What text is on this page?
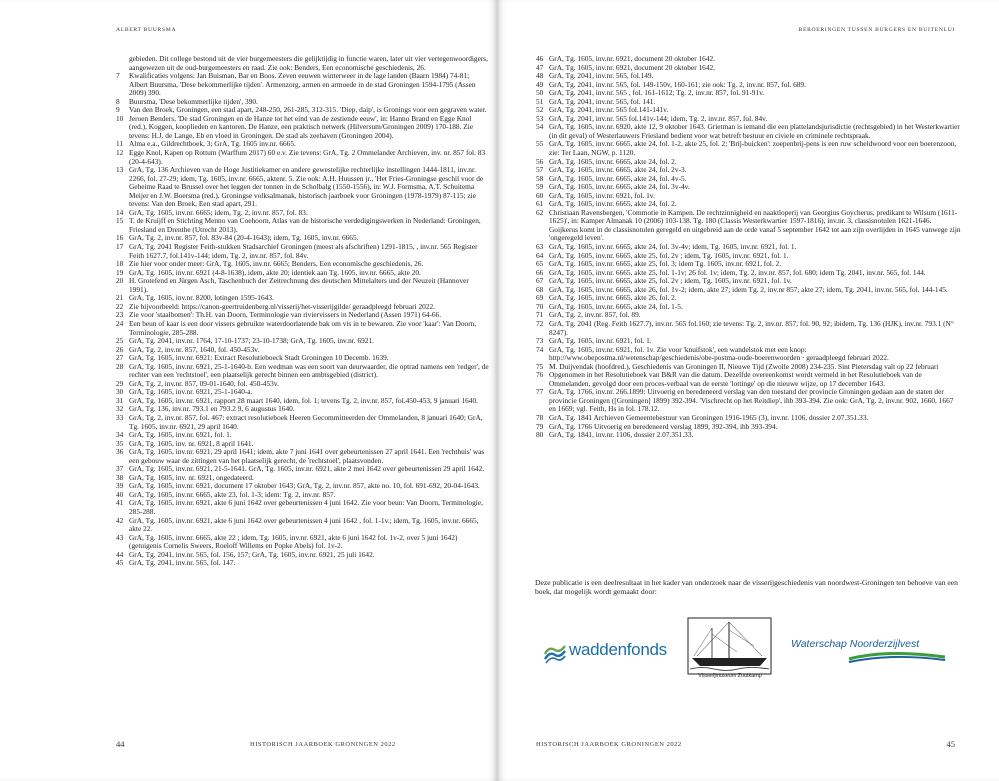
ALBERT BUURSMA

gebieden. Dit college bestond uit de vier burgemeesters die gelijktijdig in functie waren, later uit vier vertegenwoordigers, aangewezen uit de oud-burgemeesters en raad. Zie ook: Benders, Een economische geschiedenis, 26.

7	Kwalificaties volgens: Jan Buisman, Bar en Boos. Zeven eeuwen winterweer in de lage landen (Baarn 1984) 74-81; Albert Buursma, 'Dese bekommerlijke tijden'. Armenzorg, armen en armoede in de stad Groningen 1594-1795 (Assen 2009) 390.

8	Buursma, 'Dese bekommerlijke tijden', 390.

9	Van den Broek, Groningen, een stad apart, 248-250, 261-285, 312-315. 'Diep, daip', is Gronings voor een gegraven water.

10 Jeroen Benders, 'De stad Groningen en de Hanze tot het eind van de zestiende eeuw', in: Hanno Brand en Egge Knol (red.), Koggen, kooplieden en kantoren. De Hanze, een praktisch netwerk (Hilversum/Groningen 2009) 170-188. Zie tevens: H.J. de Lange, Eb en vloed in Groningen. De stad als zeehaven (Groningen 2004).

11 Alma e.a., Gildrechtboek, 3; GrA, Tg. 1605 inv.nr. 6665.

12 Egge Knol, Kapen op Rottum (Warffum 2017) 60 e.v. Zie tevens: GrA, Tg. 2 Ommelander Archieven, inv. nr. 857 fol. 83 (20-4-643).

13 GrA, Tg. 136 Archieven van de Hoge Justitiekamer en andere gewestelijke rechterlijke instellingen 1444-1811, inv.nr. 2266, fol. 27-29; idem, Tg. 1605, inv.nr. 6665, aktenr. 5. Zie ook: A.H. Huussen jr., 'Het Fries-Groningse geschil voor de Geheime Raad te Brussel over het leggen der tonnen in de Scholbalg (1550-1556), in: W.J. Formsma, A.T. Schuitema Meijer en J.W. Boersma (red.), Groningse volksalmanak, historisch jaarboek voor Groningen (1978-1979) 87-115; zie tevens: Van den Broek, Een stad apart, 291.

14 GrA, Tg. 1605, inv.nr. 6665; idem, Tg. 2, inv.nr. 857, fol. 83.

15 T. de Kruijff en Stichting Menno van Coehoorn, Atlas van de historische verdedigingswerken in Nederland: Groningen, Friesland en Drenthe (Utrecht 2013).

16 GrA, Tg. 2, inv.nr. 857, fol. 83v-84 (20-4-1643); idem, Tg. 1605, inv.nr. 6665.

17 GrA, Tg. 2041 Register Feith-stukken Stadsarchief Groningen (meest als afschriften) 1291-1815, , inv.nr. 565 Register Feith 1627.7, fol.141v-144; idem, Tg. 2, inv.nr. 857, fol. 84v.

18 Zie hier voor onder meer: GrA, Tg. 1605, inv.nr. 6665; Benders, Een economische geschiedenis, 26.

19 GrA, Tg. 1605, inv.nr. 6921 (4-8-1638), idem, akte 20; identiek aan Tg. 1605, inv.nr. 6665, akte 20.

20 H. Grotefend en Jürgen Asch, Taschenbuch der Zeitrechnung des deutschen Mittelalters und der Neuzeit (Hannover 1991).

21 GrA, Tg. 1605, inv.nr. 8200, lotingen 1595-1643.

22 Zie bijvoorbeeld: https://canon-geertruidenberg.nl/visserij/het-visserijgilde/ geraadpleegd februari 2022.

23 Zie voor 'staalbomen': Th.H. van Doorn, Terminologie van riviervissers in Nederland (Assen 1971) 64-66.

24 Een beun of kaar is een door vissers gebruikte waterdoorlatende bak om vis in te bewaren. Zie voor 'kaar': Van Doorn, Terminologie, 285-288.

25 GrA, Tg. 2041, inv.nr. 1764, 17-10-1737; 23-10-1738; GrA, Tg. 1605, inv.nr. 6921.

26 GrA, Tg. 2, inv.nr. 857, 1640, fol. 450-453v.

27 GrA, Tg. 1605, inv.nr. 6921: Extract Resolutieboeck Stadt Groningen 10 Decemb. 1639.

28 GrA, Tg. 1605, inv.nr. 6921, 25-1-1640-b. Een wedman was een soort van deurwaarder, die optrad namens een 'redger', de rechter van een 'rechtstoel', een plaatselijk gerecht binnen een ambtsgebied (district).

29 GrA, Tg. 2, inv.nr. 857, 09-01-1640, fol. 450-453v.

30 GrA, Tg. 1605, inv.nr. 6921, 25-1-1640-a.

31 GrA, Tg. 1605, inv.nr. 6921, rapport 28 maart 1640, idem, fol. 1; tevens Tg. 2, inv.nr. 857, fol.450-453, 9 januari 1640.

32 GrA, Tg. 136, inv.nr. 793.1 en 793.2 9, 6 augustus 1640.

33 GrA, Tg. 2, inv.nr. 857, fol. 467: extract resolutieboek Heeren Gecommitteerden der Ommelanden, 8 januari 1640; GrA, Tg. 1605, inv.nr. 6921, 29 april 1640.

34 GrA, Tg. 1605, inv.nr. 6921, fol. 1.

35 GrA, Tg. 1605, inv. nr. 6921, 8 april 1641.

36 GrA, Tg. 1605, inv.nr. 6921, 29 april 1641; idem, akte 7 juni 1641 over gebeurtenissen 27 april 1641. Een 'rechthuis' was een gebouw waar de zittingen van het plaatselijk gerecht, de 'rechtstoel', plaatsvonden.

37 GrA, Tg. 1605, inv.nr. 6921, 21-5-1641. GrA, Tg. 1605, inv.nr. 6921, akte 2 mei 1642 over gebeurtenissen 29 april 1642.

38 GrA, Tg. 1605, inv. nr. 6921, ongedateerd.

39 GrA, Tg. 1605, inv.nr. 6921, document 17 oktober 1643; GrA, Tg. 2, inv.nr. 857, akte no. 10, fol. 691-692, 20-04-1643.

40 GrA, Tg. 1605, inv.nr. 6665, akte 23, fol. 1-3; idem: Tg. 2, inv.nr. 857.

41 GrA, Tg. 1605, inv.nr. 6921, akte 6 juni 1642 over gebeurtenissen 4 juni 1642. Zie voor beun: Van Doorn, Terminologie, 285-288.

42 GrA, Tg. 1605, inv.nr. 6921, akte 6 juni 1642 over gebeurtenissen 4 juni 1642 , fol. 1-1v.; idem, Tg. 1605, inv.nr. 6665, akte 22.

43 GrA, Tg. 1605, inv.nr. 6665, akte 22 ; idem, Tg. 1605, inv.nr. 6921, akte 6 juni 1642 fol. 1v-2, over 5 juni 1642) (getuigenis Cornelis Sweers, Roeloff Willems en Popke Abels) fol. 1v-2.

44 GrA, Tg. 2041, inv.nr. 565, fol. 156, 157; GrA, Tg. 1605, inv.nr. 6921, 25 juli 1642.

45 GrA, Tg. 2041, inv.nr. 565, fol. 147.

44	HISTORISCH JAARBOEK GRONINGEN 2022
BEROERINGEN TUSSEN BURGERS EN BUITENLUI

46 GrA, Tg. 1605, inv.nr. 6921, document 20 oktober 1642.

47 GrA, Tg. 1605, inv.nr. 6921, document 20 oktober 1642.

48 GrA, Tg. 2041, inv.nr. 565, fol.149.

49 GrA, Tg. 2041, inv.nr. 565, fol. 149-150v, 160-161; zie ook: Tg. 2, inv.nr. 857, fol. 689.

50 GrA, Tg. 2041, inv.nr. 565 , fol. 161-1612; Tg. 2, inv.nr. 857, fol. 91-91v.

51 GrA, Tg. 2041, inv.nr. 565, fol. 141.

52 GrA, Tg. 2041, inv.nr. 565 fol.141-141v.

53 GrA, Tg. 2041, inv.nr. 565 fol.141v-144; idem, Tg. 2, inv.nr. 857, fol. 84v.

54 GrA, Tg. 1605, inv.nr. 6920, akte 12, 9 oktober 1643. Grietman is iemand die een plattelandsjurisdictie (rechtsgebied) in het Westerkwartier (in dit geval) of Westerlauwers Friesland bedient voor wat betreft bestuur en civiele en criminele rechtspraak.

55 GrA, Tg. 1605, inv.nr. 6665, akte 24, fol. 1-2, akte 25, fol. 2; 'Brij-buicken': zoepenbrij-pens is een ruw scheldwoord voor een boerenzoon, zie: Ter Laan, NGW, p. 1120.

56 GrA, Tg. 1605, inv.nr. 6665, akte 24, fol. 2.

57 GrA, Tg. 1605, inv.nr. 6665, akte 24, fol. 2v-3.

58 GrA, Tg. 1605, inv.nr. 6665, akte 24, fol. 4v-5.

59 GrA, Tg. 1605, inv.nr. 6665, akte 24, fol. 3v-4v.

60 GrA, Tg. 1605, inv.nr. 6921, fol. 1v.

61 GrA, Tg. 1605, inv.nr. 6665, akte 24, fol. 2.

62 Christiaan Ravensbergen, 'Commotie in Kampen. De rechtzinnigheid en naaktloperij van Georgius Goycherus, predikant te Wilsum (1611-1625)', in: Kamper Almanak 10 (2006) 103-138. Tg. 180 (Classis Westerkwartier 1597-1816), inv.nr. 3, classisnotulen 1621-1646. Goijkerus komt in de classisnotulen geregeld en uitgebreid aan de orde vanaf 5 september 1642 tot aan zijn overlijden in 1645 vanwege zijn 'ongeregeld leven'.

63 GrA, Tg. 1605, inv.nr. 6665, akte 24, fol. 3v-4v; idem, Tg. 1605, inv.nr. 6921, fol. 1.

64 GrA, Tg. 1605, inv.nr. 6665, akte 25, fol. 2v ; idem, Tg. 1605, inv.nr. 6921, fol. 1.

65 GrA, Tg. 1605, inv.nr. 6665, akte 25, fol. 3; idem Tg. 1605, inv.nr. 6921, fol. 2.

66 GrA, Tg. 1605, inv.nr. 6665, akte 25, fol. 1-1v; 26 fol. 1v; idem, Tg. 2, inv.nr. 857, fol. 680; idem Tg. 2041, inv.nr. 565, fol. 144.

67 GrA, Tg. 1605, inv.nr. 6665, akte 25, fol. 2v ; idem, Tg. 1605, inv.nr. 6921, fol. 1v.

68 GrA, Tg. 1605, inv.nr. 6665, akte 26, fol. 1v-2; idem, akte 27; idem Tg. 2, inv.nr 857, akte 27; idem, Tg. 2041, inv.nr. 565, fol. 144-145.

69 GrA, Tg. 1605, inv.nr. 6665, akte 26, fol. 2.

70 GrA, Tg. 1605, inv.nr. 6665, akte 24, fol. 1-5.

71 GrA, Tg. 2, inv.nr. 857, fol. 89.

72 GrA, Tg. 2041 (Reg. Feith 1627.7), inv.nr. 565 fol.160; zie tevens: Tg. 2, inv.nr. 857, fol. 90, 92; ibidem, Tg. 136 (HJK), inv.nr. 793.1 (N° 8247).

73 GrA, Tg. 1605, inv.nr. 6921, fol. 1.

74 GrA, Tg. 1605, inv.nr. 6921, fol. 1v. Zie voor 'knuifstok', een wandelstok met een knop: http://www.obepostma.nl/wetenschap/geschiedenis/obe-postma-oude-boerenwoorden · geraadpleegd februari 2022.

75 M. Duijvendak (hoofdred.), Geschiedenis van Groningen II, Nieuwe Tijd (Zwolle 2008) 234-235. Sint Pietersdag valt op 22 februari

76 Opgenomen in het Resolutieboek van B&R van die datum. Dezelfde overeenkomst wordt vermeld in het Resolutieboek van de Ommelanden, gevolgd door een proces-verbaal van de eerste 'lottinge' op die nieuwe wijze, op 17 december 1643.

77 GrA, Tg. 1766, inv.nr. 266.1899: Uitvoerig en beredeneerd verslag van den toestand der provincie Groningen gedaan aan de staten der provincie Groningen ([Groningen] 1899) 392-394. 'Vischrecht op het Reitdiep', ihb 393-394. Zie ook: GrA, Tg. 2, inv.nr. 902, 1660, 1667 en 1669; vgl. Feith, Hs in fol. 178.12.

78 GrA, Tg. 1841 Archieven Gemeentebestuur van Groningen 1916-1965 (3), inv.nr. 1106, dossier 2.07.351.33.

79 GrA, Tg. 1766 Uitvoerig en beredeneerd verslag 1899, 392-394, ihb 393-394.

80 GrA, Tg. 1841, inv.nr. 1106, dossier 2.07.351.33.

Deze publicatie is een deelresultaat in het kader van onderzoek naar de visserijgeschiedenis van noordwest-Groningen ten behoeve van een boek, dat mogelijk wordt gemaakt door:
waddenfonds
Visserijmuseum Zoutkamp
Waterschap Noorderzijlvest
45
HISTORISCH JAARBOEK GRONINGEN 2022
